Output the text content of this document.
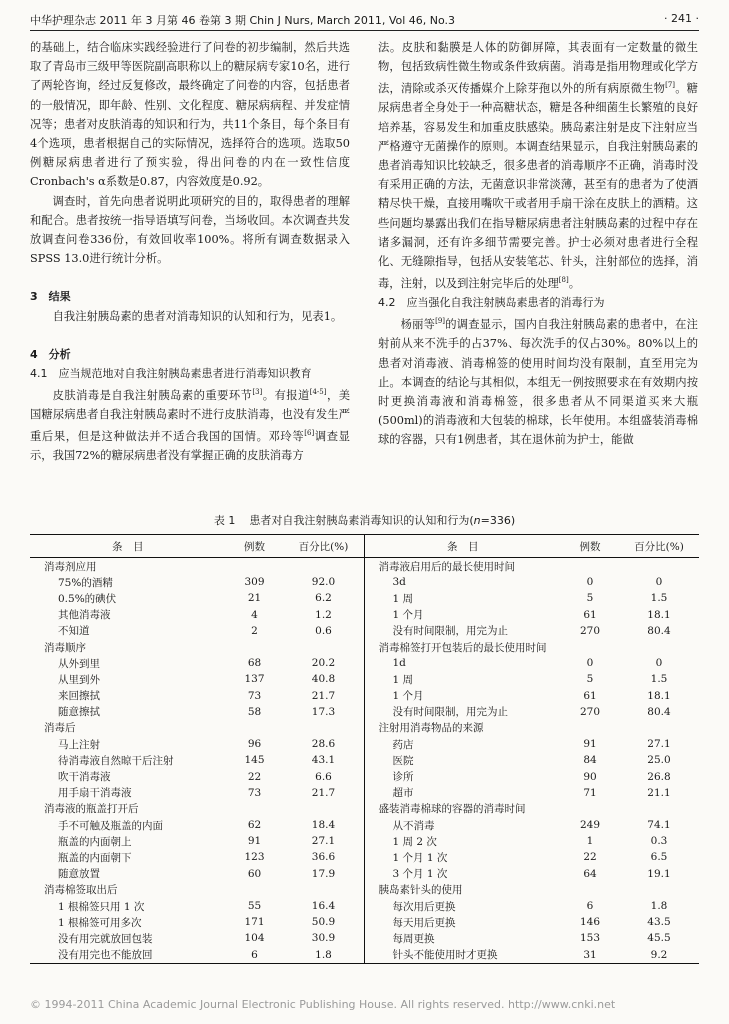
中华护理杂志 2011 年 3 月第 46 卷第 3 期 Chin J Nurs, March 2011, Vol 46, No.3	· 241 ·

的基础上，结合临床实践经验进行了问卷的初步编制，然后共选取了青岛市三级甲等医院副高职称以上的糖尿病专家10名，进行了两轮咨询，经过反复修改，最终确定了问卷的内容，包括患者的一般情况，即年龄、性别、文化程度、糖尿病病程、并发症情况等；患者对皮肤消毒的知识和行为，共11个条目，每个条目有4个选项，患者根据自己的实际情况，选择符合的选项。选取50例糖尿病患者进行了预实验，得出问卷的内在一致性信度Cronbach's α系数是0.87，内容效度是0.92。

调查时，首先向患者说明此项研究的目的，取得患者的理解和配合。患者按统一指导语填写问卷，当场收回。本次调查共发放调查问卷336份，有效回收率100%。将所有调查数据录入SPSS 13.0进行统计分析。

3　结果

自我注射胰岛素的患者对消毒知识的认知和行为，见表1。

4　分析

4.1　应当规范地对自我注射胰岛素患者进行消毒知识教育

皮肤消毒是自我注射胰岛素的重要环节[3]。有报道[4-5]，美国糖尿病患者自我注射胰岛素时不进行皮肤消毒，也没有发生严重后果，但是这种做法并不适合我国的国情。邓玲等[6]调查显示，我国72%的糖尿病患者没有掌握正确的皮肤消毒方

法。皮肤和黏膜是人体的防御屏障，其表面有一定数量的微生物，包括致病性微生物或条件致病菌。消毒是指用物理或化学方法，清除或杀灭传播媒介上除芽孢以外的所有病原微生物[7]。糖尿病患者全身处于一种高糖状态，糖是各种细菌生长繁殖的良好培养基，容易发生和加重皮肤感染。胰岛素注射是皮下注射应当严格遵守无菌操作的原则。本调查结果显示，自我注射胰岛素的患者消毒知识比较缺乏，很多患者的消毒顺序不正确，消毒时没有采用正确的方法，无菌意识非常淡薄，甚至有的患者为了使酒精尽快干燥，直接用嘴吹干或者用手扇干涂在皮肤上的酒精。这些问题均暴露出我们在指导糖尿病患者注射胰岛素的过程中存在诸多漏洞，还有许多细节需要完善。护士必须对患者进行全程化、无缝隙指导，包括从安装笔芯、针头，注射部位的选择，消毒，注射，以及到注射完毕后的处理[8]。

4.2　应当强化自我注射胰岛素患者的消毒行为

杨丽等[9]的调查显示，国内自我注射胰岛素的患者中，在注射前从来不洗手的占37%、每次洗手的仅占30%。80%以上的患者对消毒液、消毒棉签的使用时间均没有限制，直至用完为止。本调查的结论与其相似，本组无一例按照要求在有效期内按时更换消毒液和消毒棉签，很多患者从不同渠道买来大瓶(500ml)的消毒液和大包装的棉球，长年使用。本组盛装消毒棉球的容器，只有1例患者，其在退休前为护士，能做

表 1 患者对自我注射胰岛素消毒知识的认知和行为(n=336)
条　目	例数	百分比(%)
消毒剂应用		
75%的酒精	309	92.0
0.5%的碘伏	21	6.2
其他消毒液	4	1.2
不知道	2	0.6
消毒顺序		
从外到里	68	20.2
从里到外	137	40.8
来回擦拭	73	21.7
随意擦拭	58	17.3
消毒后		
马上注射	96	28.6
待消毒液自然晾干后注射	145	43.1
吹干消毒液	22	6.6
用手扇干消毒液	73	21.7
消毒液的瓶盖打开后		
手不可触及瓶盖的内面	62	18.4
瓶盖的内面朝上	91	27.1
瓶盖的内面朝下	123	36.6
随意放置	60	17.9
消毒棉签取出后		
1 根棉签只用 1 次	55	16.4
1 根棉签可用多次	171	50.9
没有用完就放回包装	104	30.9
没有用完也不能放回	6	1.8
条　目	例数	百分比(%)
消毒液启用后的最长使用时间		
3d	0	0
1 周	5	1.5
1 个月	61	18.1
没有时间限制，用完为止	270	80.4
消毒棉签打开包装后的最长使用时间		
1d	0	0
1 周	5	1.5
1 个月	61	18.1
没有时间限制，用完为止	270	80.4
注射用消毒物品的来源		
药店	91	27.1
医院	84	25.0
诊所	90	26.8
超市	71	21.1
盛装消毒棉球的容器的消毒时间		
从不消毒	249	74.1
1 周 2 次	1	0.3
1 个月 1 次	22	6.5
3 个月 1 次	64	19.1
胰岛素针头的使用		
每次用后更换	6	1.8
每天用后更换	146	43.5
每周更换	153	45.5
针头不能使用时才更换	31	9.2
© 1994-2011 China Academic Journal Electronic Publishing House. All rights reserved. http://www.cnki.net
